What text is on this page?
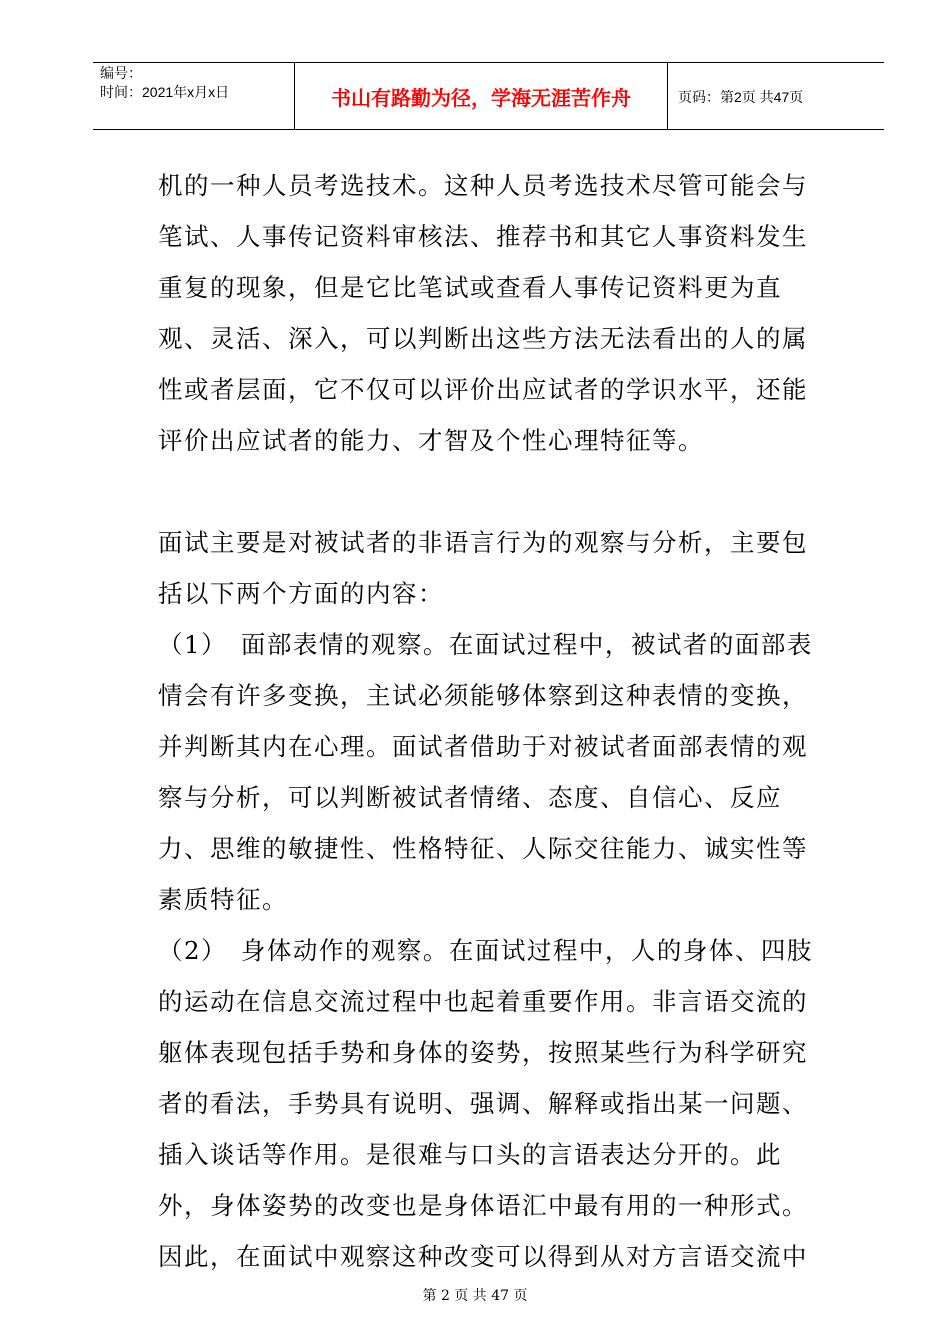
编号：
时间：2021年x月x日	书山有路勤为径，学海无涯苦作舟	页码：第2页 共47页

机的一种人员考选技术。这种人员考选技术尽管可能会与笔试、人事传记资料审核法、推荐书和其它人事资料发生重复的现象，但是它比笔试或查看人事传记资料更为直观、灵活、深入，可以判断出这些方法无法看出的人的属性或者层面，它不仅可以评价出应试者的学识水平，还能评价出应试者的能力、才智及个性心理特征等。

面试主要是对被试者的非语言行为的观察与分析，主要包括以下两个方面的内容：

（1）　面部表情的观察。在面试过程中，被试者的面部表情会有许多变换，主试必须能够体察到这种表情的变换，并判断其内在心理。面试者借助于对被试者面部表情的观察与分析，可以判断被试者情绪、态度、自信心、反应力、思维的敏捷性、性格特征、人际交往能力、诚实性等素质特征。

（2）　身体动作的观察。在面试过程中，人的身体、四肢的运动在信息交流过程中也起着重要作用。非言语交流的躯体表现包括手势和身体的姿势，按照某些行为科学研究者的看法，手势具有说明、强调、解释或指出某一问题、插入谈话等作用。是很难与口头的言语表达分开的。此外，身体姿势的改变也是身体语汇中最有用的一种形式。因此，在面试中观察这种改变可以得到从对方言语交流中

第 2 页 共 47 页
